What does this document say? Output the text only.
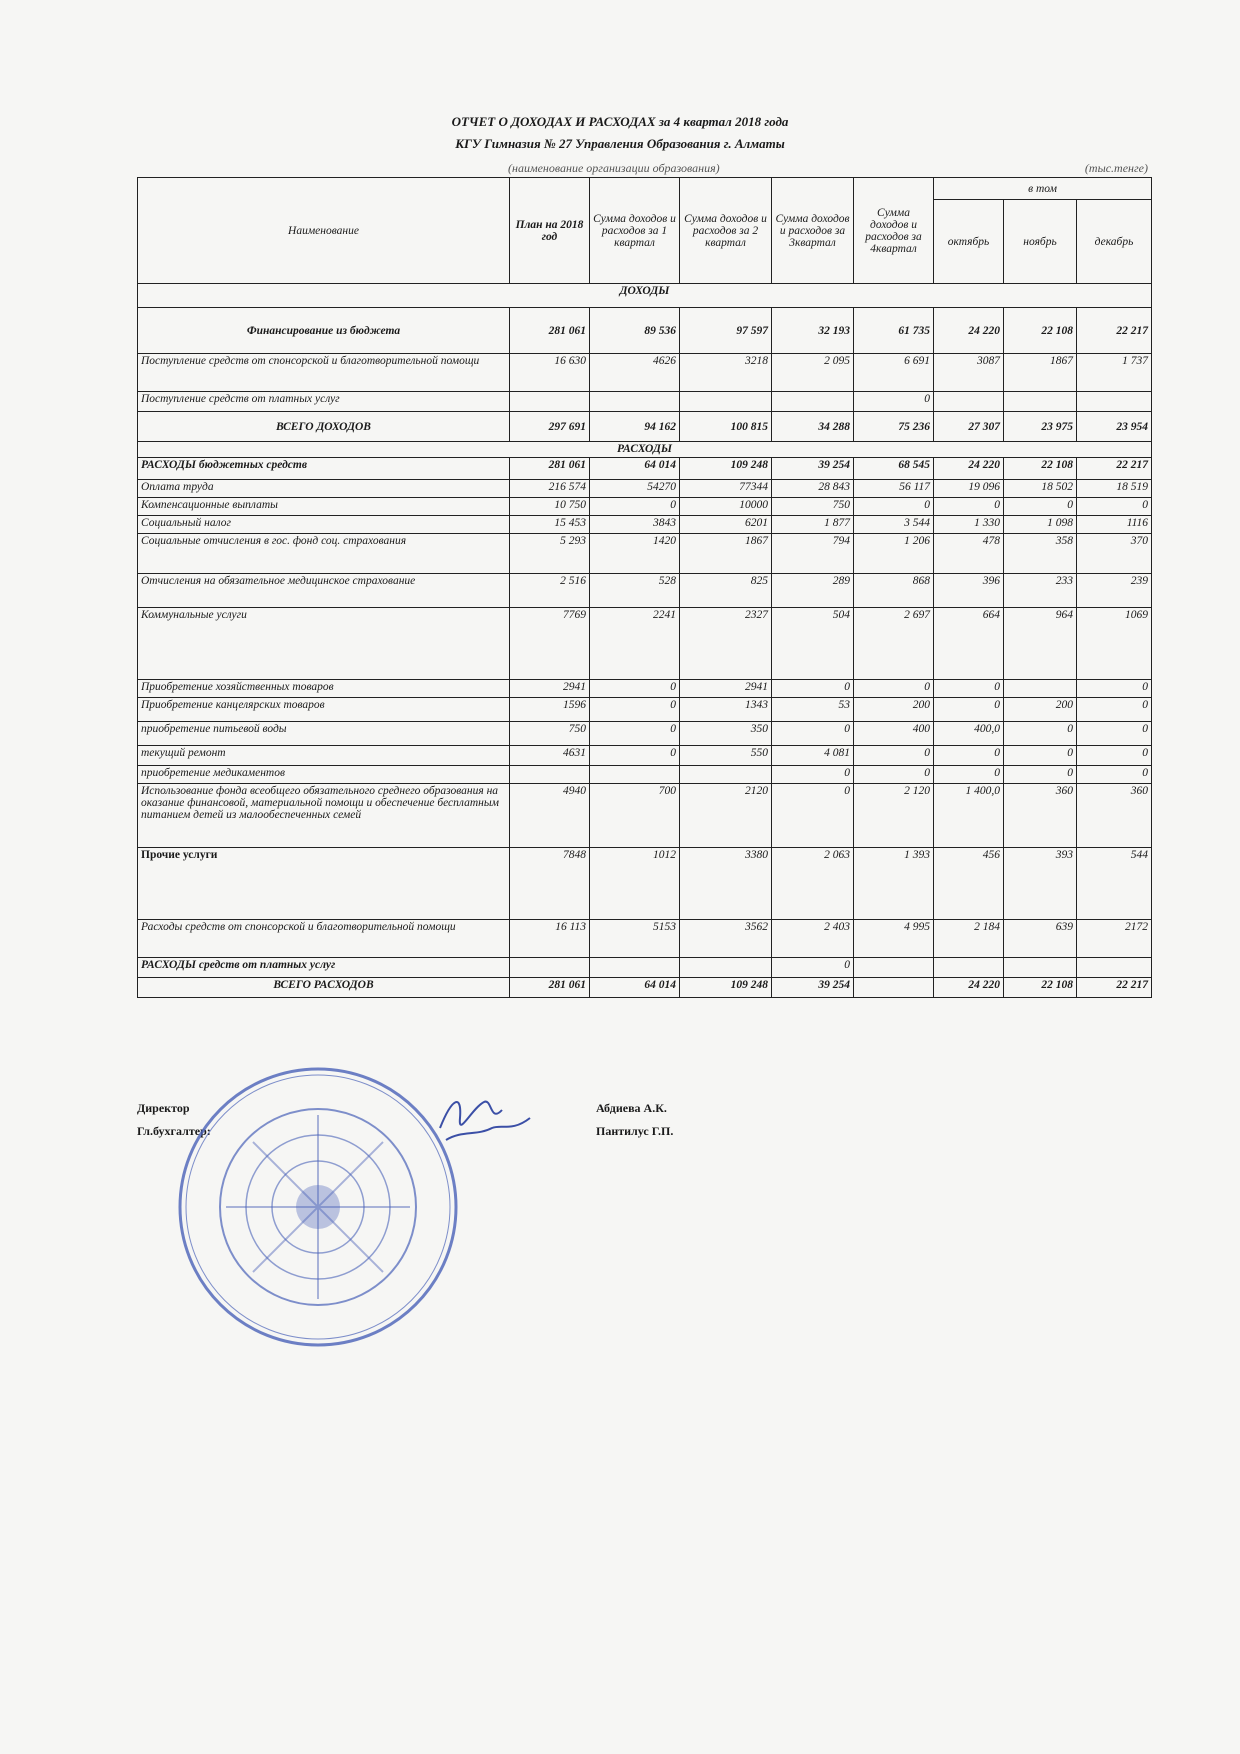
ОТЧЕТ О ДОХОДАХ И РАСХОДАХ за 4 квартал 2018 года
КГУ Гимназия № 27 Управления Образования г. Алматы
(наименование организации образования)	(тыс.тенге)
Наименование	План на 2018 год	Сумма доходов и расходов за 1 квартал	Сумма доходов и расходов за 2 квартал	Сумма доходов и расходов за 3квартал	Сумма доходов и расходов за 4квартал	в том		
						октябрь	ноябрь	декабрь
ДОХОДЫ								
Финансирование из бюджета	281 061	89 536	97 597	32 193	61 735	24 220	22 108	22 217
Поступление средств от спонсорской и благотворительной помощи	16 630	4626	3218	2 095	6 691	3087	1867	1 737
Поступление средств от платных услуг					0			
ВСЕГО ДОХОДОВ	297 691	94 162	100 815	34 288	75 236	27 307	23 975	23 954
РАСХОДЫ								
РАСХОДЫ бюджетных средств	281 061	64 014	109 248	39 254	68 545	24 220	22 108	22 217
Оплата труда	216 574	54270	77344	28 843	56 117	19 096	18 502	18 519
Компенсационные выплаты	10 750	0	10000	750	0	0	0	0
Социальный налог	15 453	3843	6201	1 877	3 544	1 330	1 098	1116
Социальные отчисления в гос. фонд соц. страхования	5 293	1420	1867	794	1 206	478	358	370
Отчисления на обязательное медицинское страхование	2 516	528	825	289	868	396	233	239
Коммунальные услуги	7769	2241	2327	504	2 697	664	964	1069
Приобретение хозяйственных товаров	2941	0	2941	0	0	0		0
Приобретение канцелярских товаров	1596	0	1343	53	200	0	200	0
приобретение питьевой воды	750	0	350	0	400	400,0	0	0
текущий ремонт	4631	0	550	4 081	0	0	0	0
приобретение медикаментов				0	0	0	0	0
Использование фонда всеобщего обязательного среднего образования на оказание финансовой, материальной помощи и обеспечение бесплатным питанием детей из малообеспеченных семей	4940	700	2120	0	2 120	1 400,0	360	360
Прочие услуги	7848	1012	3380	2 063	1 393	456	393	544
Расходы средств от спонсорской и благотворительной помощи	16 113	5153	3562	2 403	4 995	2 184	639	2172
РАСХОДЫ средств от платных услуг				0				
ВСЕГО РАСХОДОВ	281 061	64 014	109 248	39 254		24 220	22 108	22 217
Директор
Гл.бухгалтер:
Абдиева А.К.
Пантилус Г.П.
